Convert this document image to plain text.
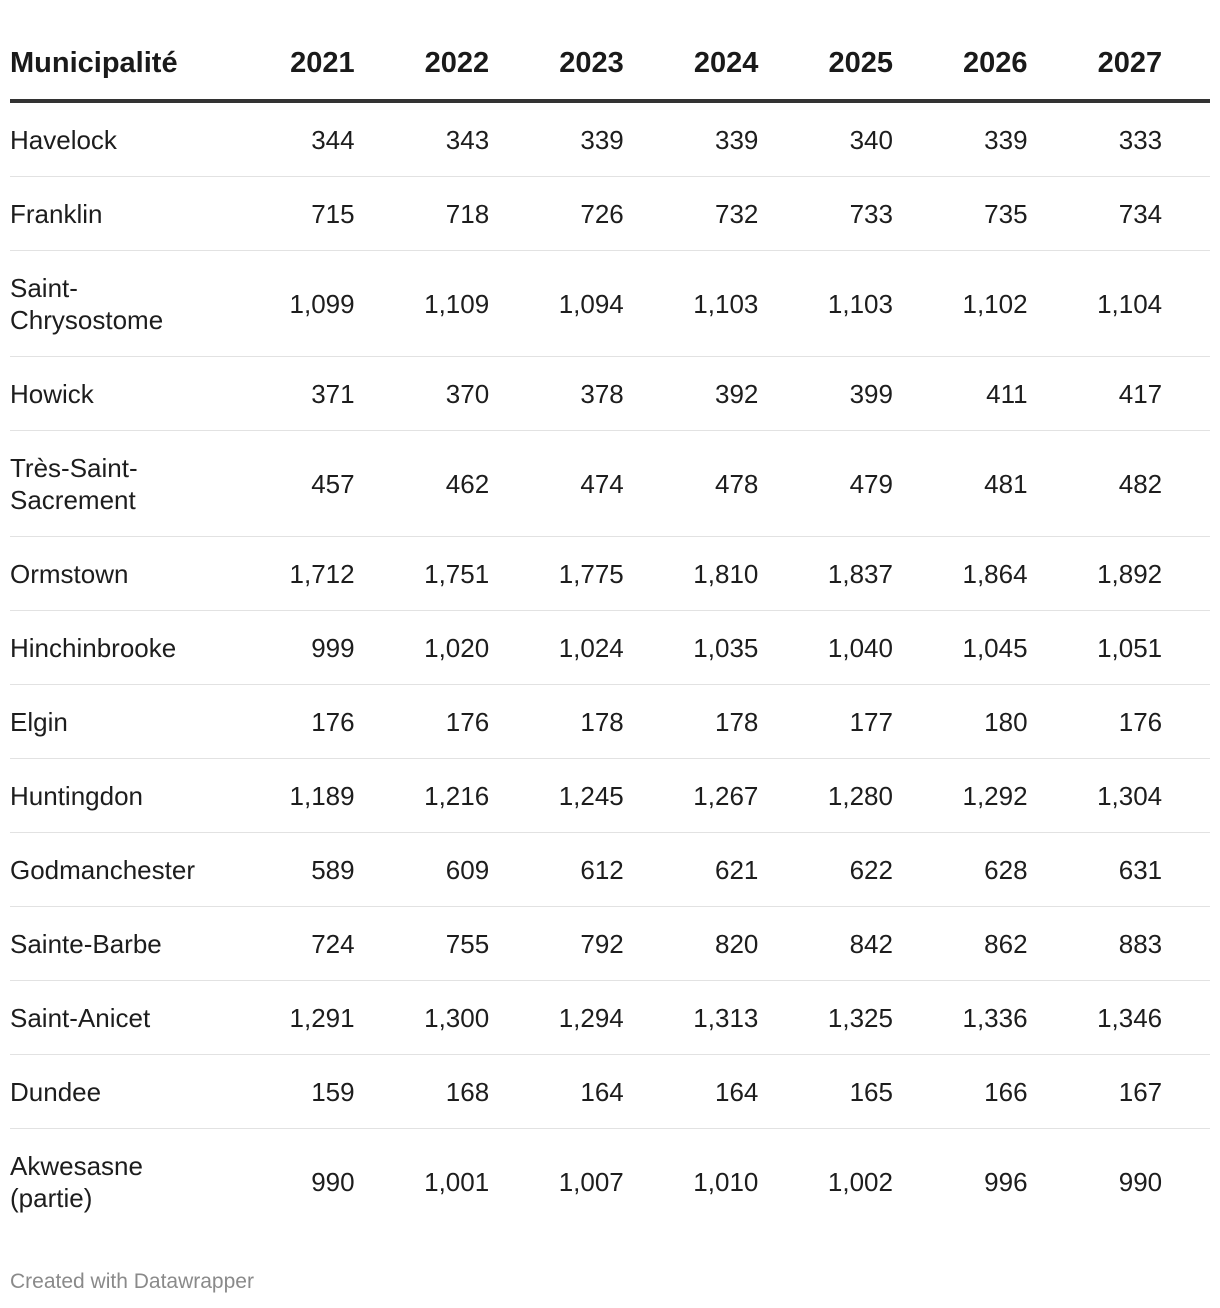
Municipalité	2021	2022	2023	2024	2025	2026	2027	
Havelock	344	343	339	339	340	339	333	
Franklin	715	718	726	732	733	735	734	
Saint-
Chrysostome	1,099	1,109	1,094	1,103	1,103	1,102	1,104	
Howick	371	370	378	392	399	411	417	
Très-Saint-
Sacrement	457	462	474	478	479	481	482	
Ormstown	1,712	1,751	1,775	1,810	1,837	1,864	1,892	
Hinchinbrooke	999	1,020	1,024	1,035	1,040	1,045	1,051	
Elgin	176	176	178	178	177	180	176	
Huntingdon	1,189	1,216	1,245	1,267	1,280	1,292	1,304	
Godmanchester	589	609	612	621	622	628	631	
Sainte-Barbe	724	755	792	820	842	862	883	
Saint-Anicet	1,291	1,300	1,294	1,313	1,325	1,336	1,346	
Dundee	159	168	164	164	165	166	167	
Akwesasne
(partie)	990	1,001	1,007	1,010	1,002	996	990	
Created with Datawrapper
